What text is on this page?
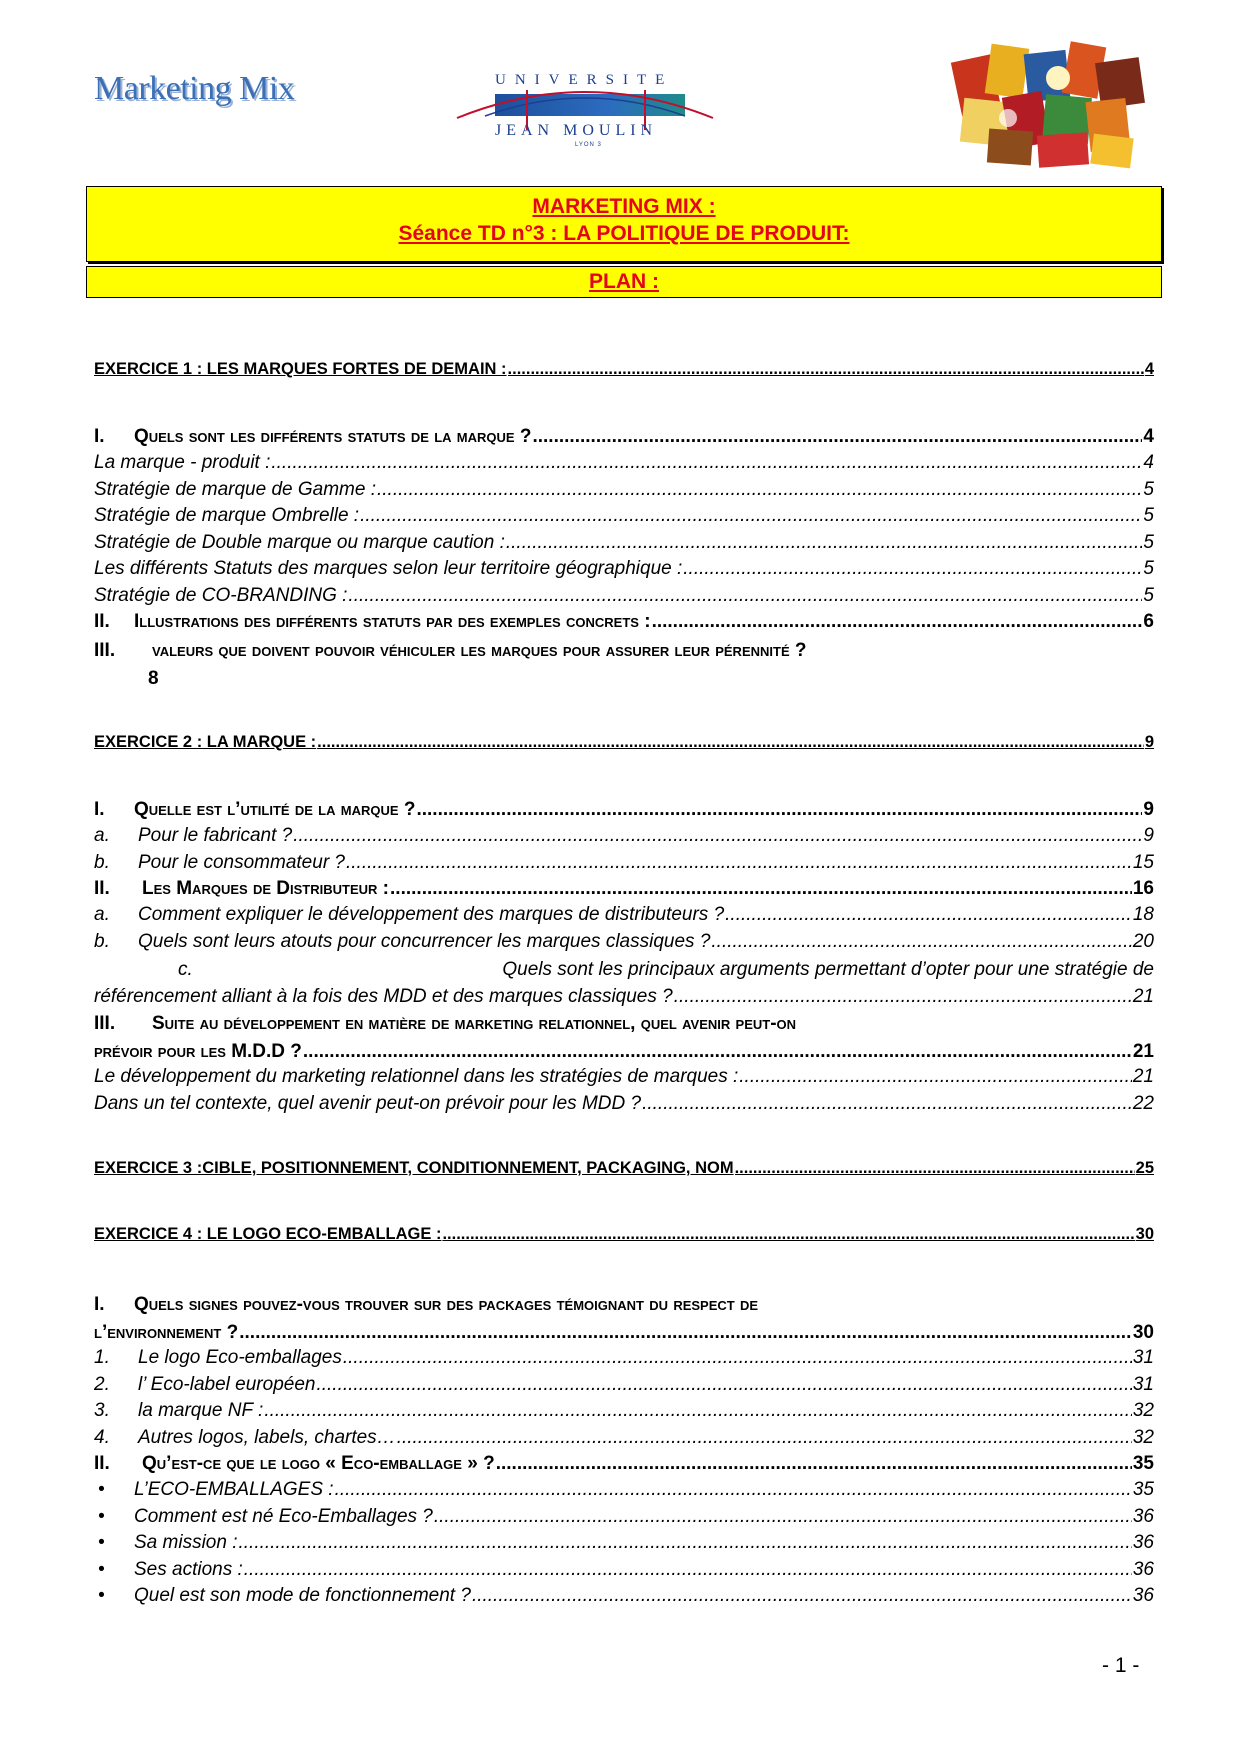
Marketing Mix	UNIVERSITE
JEAN MOULIN
LYON 3
MARKETING MIX :
Séance TD n°3 : LA POLITIQUE DE PRODUIT:
PLAN :
EXERCICE 1 : LES MARQUES FORTES DE DEMAIN : .....	4
I. Quels sont les différents statuts de la marque ? .....	4
La marque - produit : .....	4
Stratégie de marque de Gamme : .....	5
Stratégie de marque Ombrelle : .....	5
Stratégie de Double marque ou marque caution : .....	5
Les différents Statuts des marques selon leur territoire géographique : .....	5
Stratégie de CO-BRANDING : .....	5
II. Illustrations des différents statuts par des exemples concrets : .....	6
III. valeurs que doivent pouvoir véhiculer les marques pour assurer leur pérennité ?
8
EXERCICE 2 : LA MARQUE : .....	9
I. Quelle est l’utilité de la marque ? .....	9
a. Pour le fabricant ? .....	9
b. Pour le consommateur ? .....	15
II. Les Marques de Distributeur : .....	16
a. Comment expliquer le développement des marques de distributeurs ? .....	18
b. Quels sont leurs atouts pour concurrencer les marques classiques ? .....	20
c.	Quels sont les principaux arguments permettant d’opter pour une stratégie de
référencement alliant à la fois des MDD et des marques classiques ? .....	21
III. Suite au développement en matière de marketing relationnel, quel avenir peut-on
prévoir pour les M.D.D ? .....	21
Le développement du marketing relationnel dans les stratégies de marques : .....	21
Dans un tel contexte, quel avenir peut-on prévoir pour les MDD ? .....	22
EXERCICE 3 :CIBLE, POSITIONNEMENT, CONDITIONNEMENT, PACKAGING, NOM .....	25
EXERCICE 4 : LE LOGO ECO-EMBALLAGE : .....	30
I. Quels signes pouvez-vous trouver sur des packages témoignant du respect de
l’environnement ? .....	30
1. Le logo Eco-emballages .....	31
2. l’ Eco-label européen .....	31
3. la marque NF : .....	32
4. Autres logos, labels, chartes… .....	32
II. Qu’est-ce que le logo « Eco-emballage » ? .....	35
• L’ECO-EMBALLAGES : .....	35
• Comment est né Eco-Emballages ? .....	36
• Sa mission : .....	36
• Ses actions : .....	36
• Quel est son mode de fonctionnement ? .....	36
- 1 -
